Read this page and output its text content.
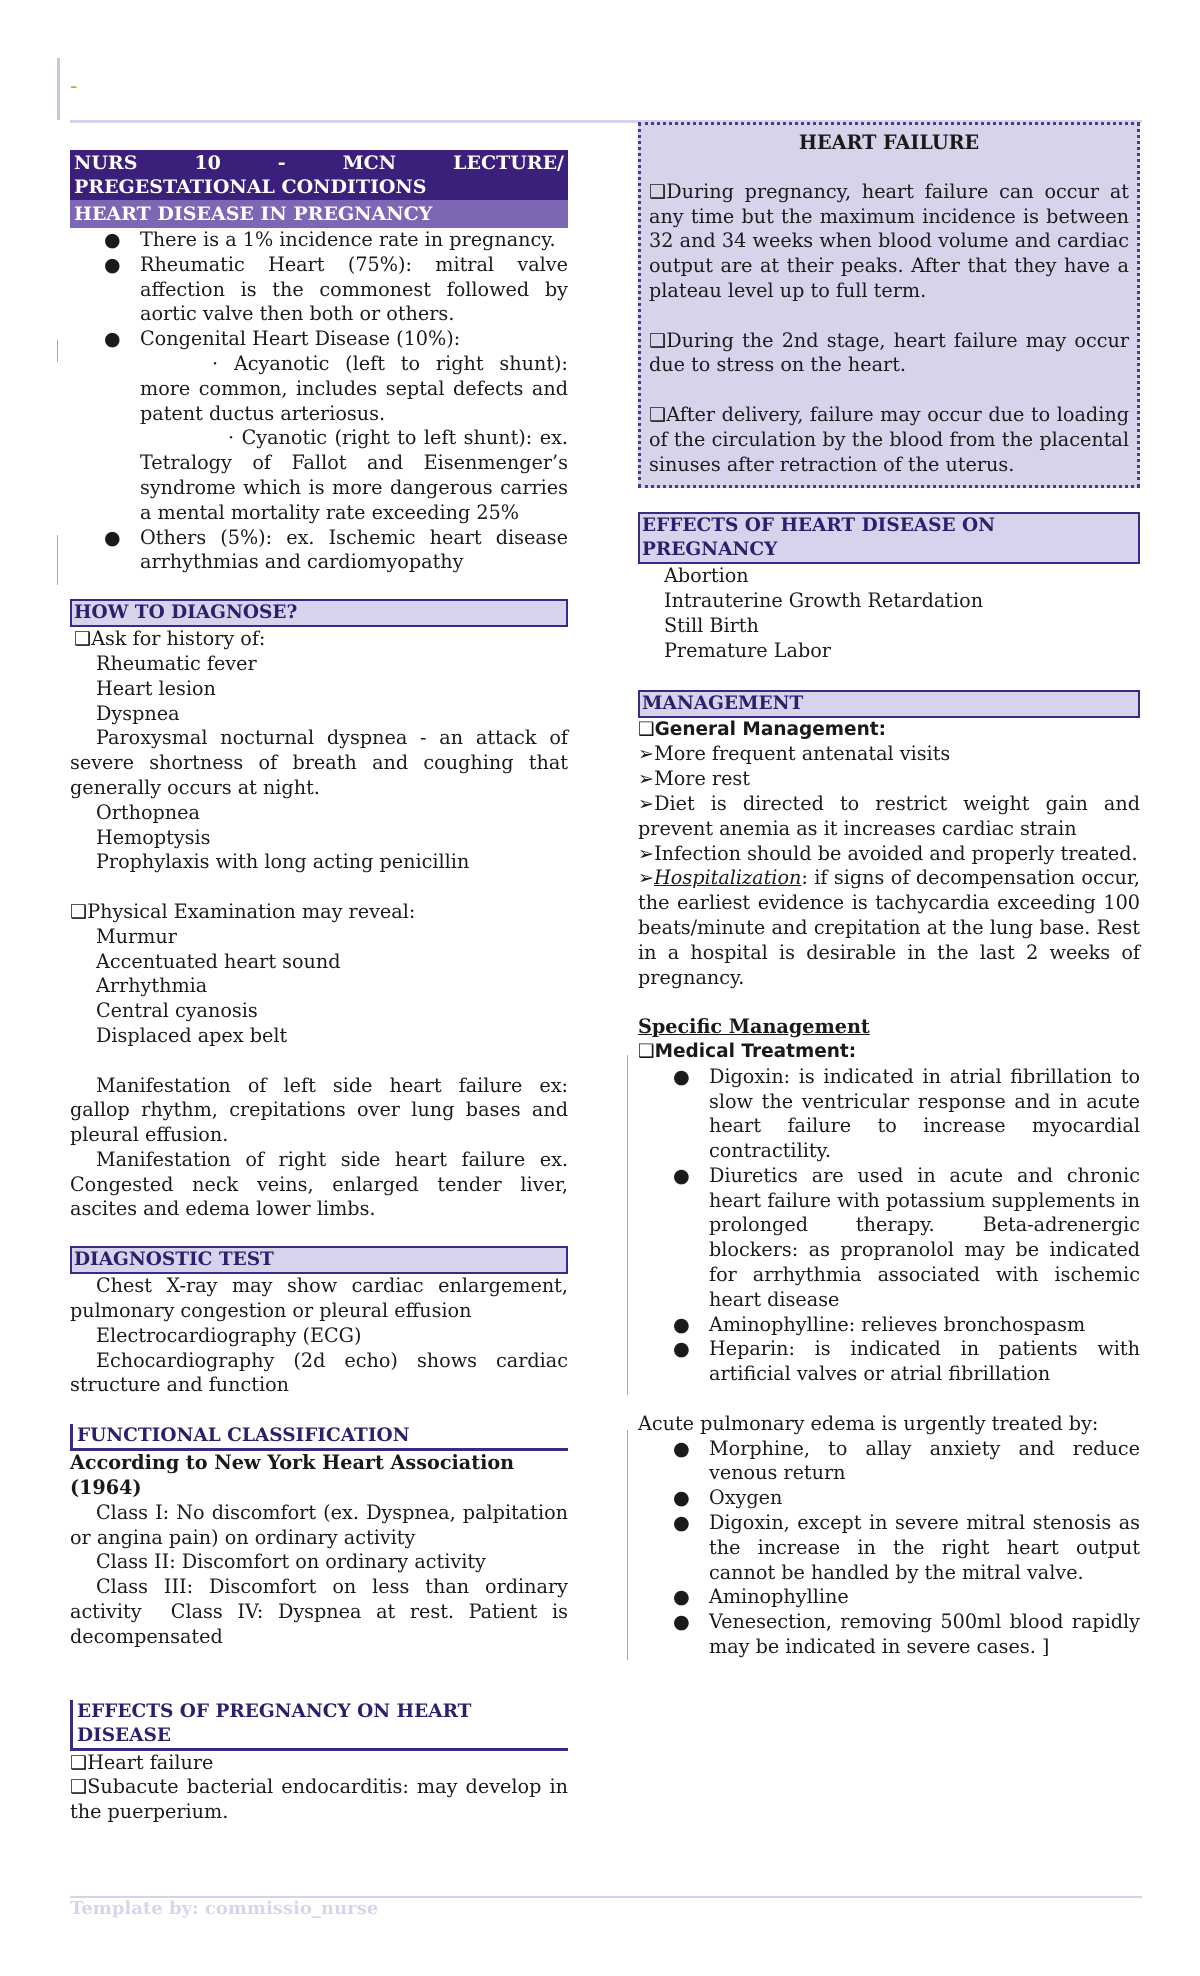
-
NURS 10 - MCN LECTURE/ PREGESTATIONAL CONDITIONS
HEART DISEASE IN PREGNANCY
● There is a 1% incidence rate in pregnancy.
● Rheumatic Heart (75%): mitral valve affection is the commonest followed by aortic valve then both or others.
● Congenital Heart Disease (10%):
· Acyanotic (left to right shunt): more common, includes septal defects and patent ductus arteriosus.
· Cyanotic (right to left shunt): ex. Tetralogy of Fallot and Eisenmenger’s syndrome which is more dangerous carries a mental mortality rate exceeding 25%
● Others (5%): ex. Ischemic heart disease arrhythmias and cardiomyopathy
HOW TO DIAGNOSE?
❑Ask for history of:
Rheumatic fever
Heart lesion
Dyspnea
Paroxysmal nocturnal dyspnea - an attack of severe shortness of breath and coughing that generally occurs at night.
Orthopnea
Hemoptysis
Prophylaxis with long acting penicillin
❑Physical Examination may reveal:
Murmur
Accentuated heart sound
Arrhythmia
Central cyanosis
Displaced apex belt
Manifestation of left side heart failure ex: gallop rhythm, crepitations over lung bases and pleural effusion.
Manifestation of right side heart failure ex. Congested neck veins, enlarged tender liver, ascites and edema lower limbs.
DIAGNOSTIC TEST
Chest X-ray may show cardiac enlargement, pulmonary congestion or pleural effusion
Electrocardiography (ECG)
Echocardiography (2d echo) shows cardiac structure and function
FUNCTIONAL CLASSIFICATION
According to New York Heart Association (1964)
Class I: No discomfort (ex. Dyspnea, palpitation or angina pain) on ordinary activity
Class II: Discomfort on ordinary activity
Class III: Discomfort on less than ordinary activity  Class IV: Dyspnea at rest. Patient is decompensated
EFFECTS OF PREGNANCY ON HEART DISEASE
❑Heart failure
❑Subacute bacterial endocarditis: may develop in the puerperium.
HEART FAILURE
❑During pregnancy, heart failure can occur at any time but the maximum incidence is between 32 and 34 weeks when blood volume and cardiac output are at their peaks. After that they have a plateau level up to full term.
❑During the 2nd stage, heart failure may occur due to stress on the heart.
❑After delivery, failure may occur due to loading of the circulation by the blood from the placental sinuses after retraction of the uterus.
EFFECTS OF HEART DISEASE ON PREGNANCY
Abortion
Intrauterine Growth Retardation
Still Birth
Premature Labor
MANAGEMENT
❑General Management:
➢More frequent antenatal visits
➢More rest
➢Diet is directed to restrict weight gain and prevent anemia as it increases cardiac strain
➢Infection should be avoided and properly treated.
➢Hospitalization: if signs of decompensation occur, the earliest evidence is tachycardia exceeding 100 beats/minute and crepitation at the lung base. Rest in a hospital is desirable in the last 2 weeks of pregnancy.
Specific Management
❑Medical Treatment:
● Digoxin: is indicated in atrial fibrillation to slow the ventricular response and in acute heart failure to increase myocardial contractility.
● Diuretics are used in acute and chronic heart failure with potassium supplements in prolonged therapy. Beta-adrenergic blockers: as propranolol may be indicated for arrhythmia associated with ischemic heart disease
● Aminophylline: relieves bronchospasm
● Heparin: is indicated in patients with artificial valves or atrial fibrillation
Acute pulmonary edema is urgently treated by:
● Morphine, to allay anxiety and reduce venous return
● Oxygen
● Digoxin, except in severe mitral stenosis as the increase in the right heart output cannot be handled by the mitral valve.
● Aminophylline
● Venesection, removing 500ml blood rapidly may be indicated in severe cases. ]
Template by: commissio_nurse
